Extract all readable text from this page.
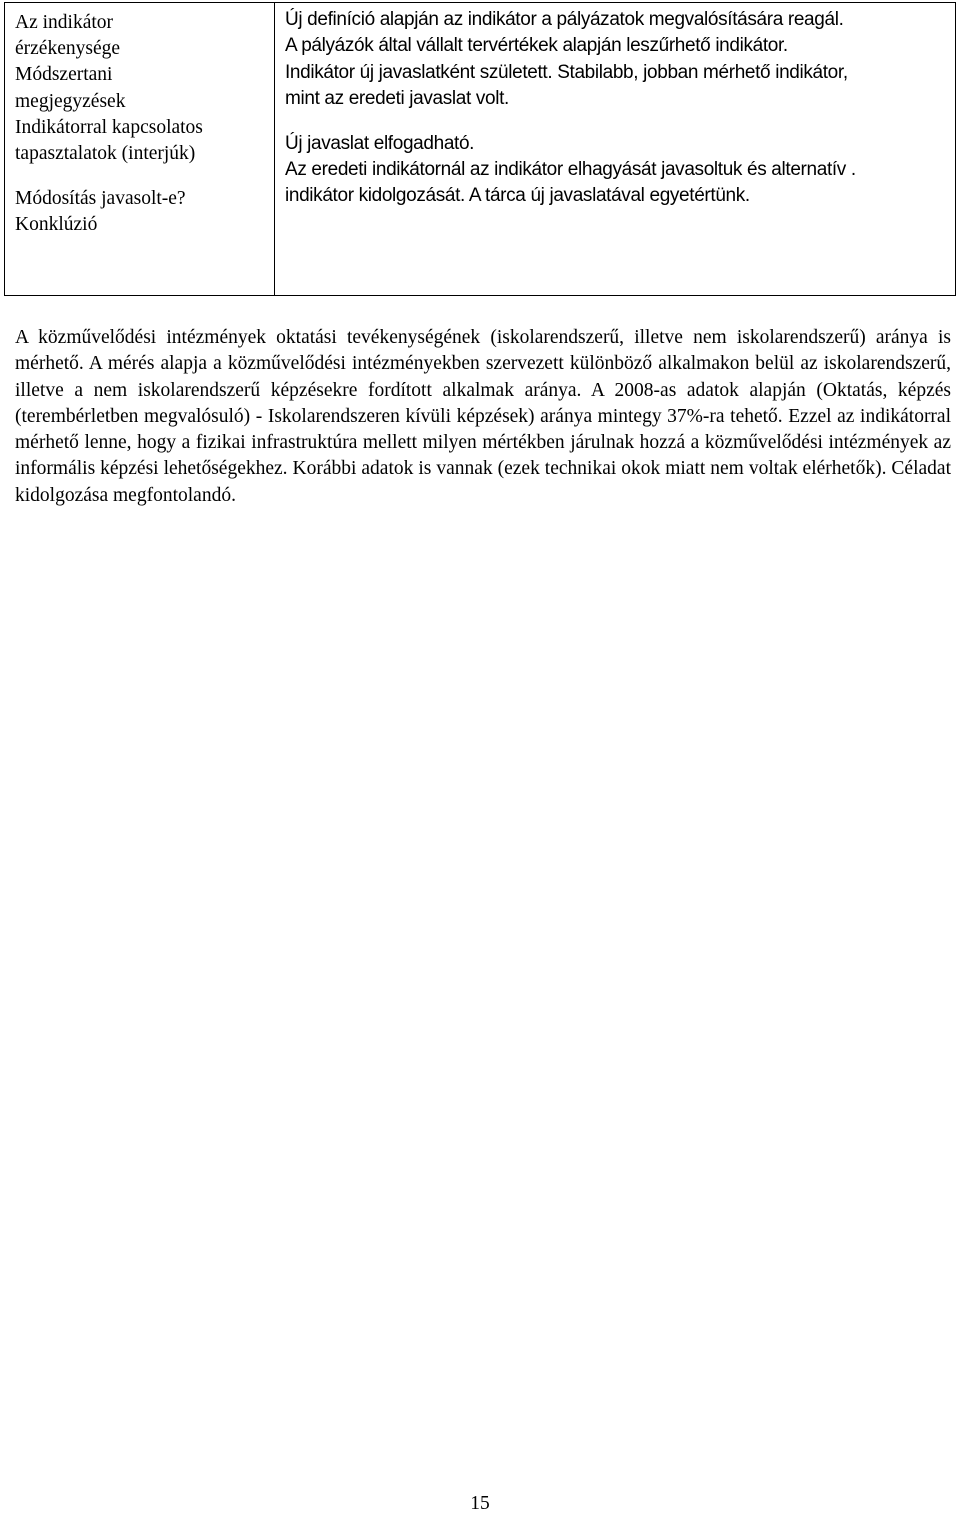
Az indikátor
érzékenysége
Módszertani
megjegyzések
Indikátorral kapcsolatos
tapasztalatok (interjúk)
Módosítás javasolt-e?
Konklúzió
Új definíció alapján az indikátor a pályázatok megvalósítására reagál.
A pályázók által vállalt tervértékek alapján leszűrhető indikátor.
Indikátor új javaslatként született. Stabilabb, jobban mérhető indikátor,
mint az eredeti javaslat volt.
Új javaslat elfogadható.
Az eredeti indikátornál az indikátor elhagyását javasoltuk és alternatív .
indikátor kidolgozását. A tárca új javaslatával egyetértünk.

A közművelődési intézmények oktatási tevékenységének (iskolarendszerű, illetve nem iskolarendszerű) aránya is mérhető. A mérés alapja a közművelődési intézményekben szervezett különböző alkalmakon belül az iskolarendszerű, illetve a nem iskolarendszerű képzésekre fordított alkalmak aránya. A 2008-as adatok alapján (Oktatás, képzés (terembérletben megvalósuló) - Iskolarendszeren kívüli képzések) aránya mintegy 37%-ra tehető. Ezzel az indikátorral mérhető lenne, hogy a fizikai infrastruktúra mellett milyen mértékben járulnak hozzá a közművelődési intézmények az informális képzési lehetőségekhez. Korábbi adatok is vannak (ezek technikai okok miatt nem voltak elérhetők). Céladat kidolgozása megfontolandó.

15
